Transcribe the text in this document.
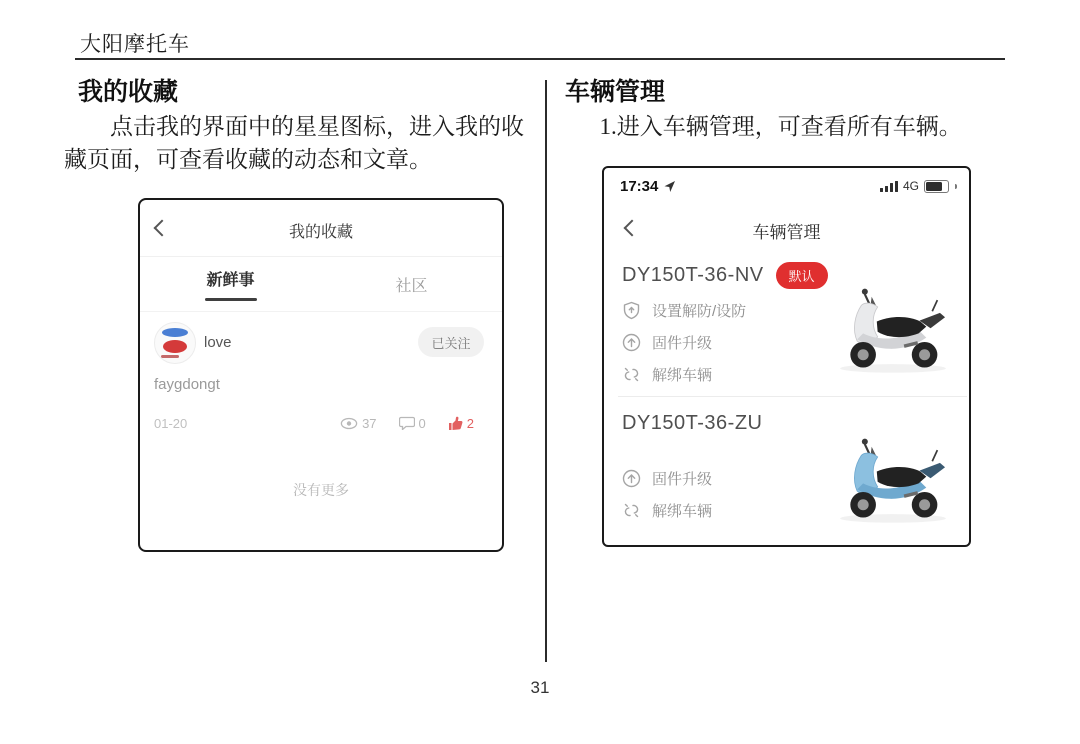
大阳摩托车
我的收藏
点击我的界面中的星星图标，进入我的收藏页面，可查看收藏的动态和文章。
车辆管理
1.进入车辆管理，可查看所有车辆。
我的收藏
新鲜事	社区
love	已关注
faygdongt
01-20	37	0	2
没有更多
17:34	4G
车辆管理
DY150T-36-NV	默认
设置解防/设防
固件升级
解绑车辆
DY150T-36-ZU
固件升级
解绑车辆
31
